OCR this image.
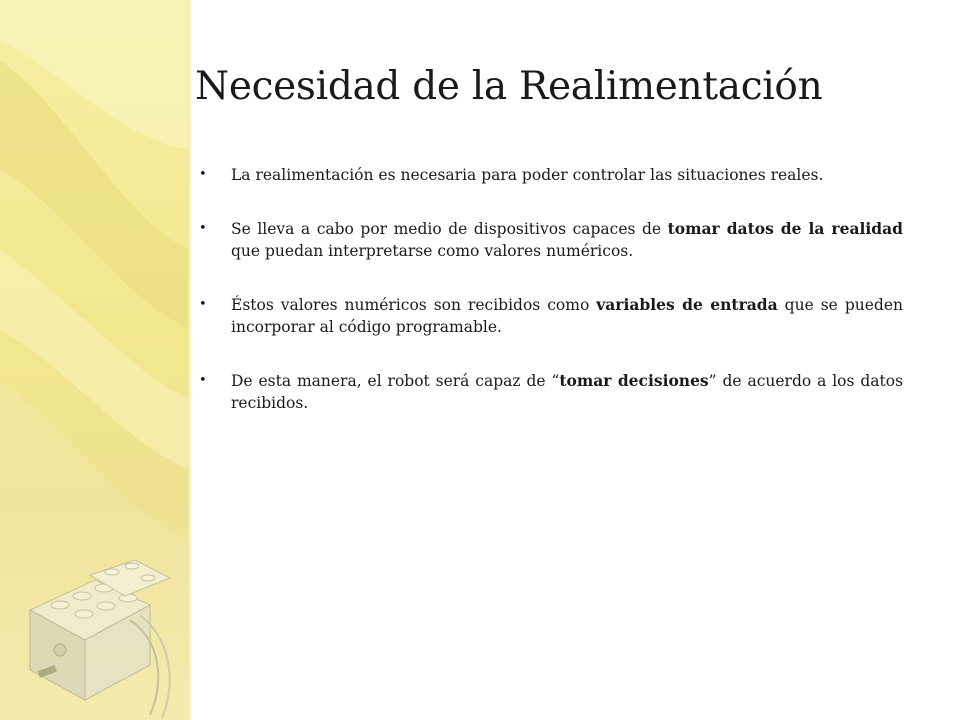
Necesidad de la Realimentación
• La realimentación es necesaria para poder controlar las situaciones reales.
• Se lleva a cabo por medio de dispositivos capaces de tomar datos de la realidad que puedan interpretarse como valores numéricos.
• Éstos valores numéricos son recibidos como variables de entrada que se pueden incorporar al código programable.
• De esta manera, el robot será capaz de “tomar decisiones” de acuerdo a los datos recibidos.
